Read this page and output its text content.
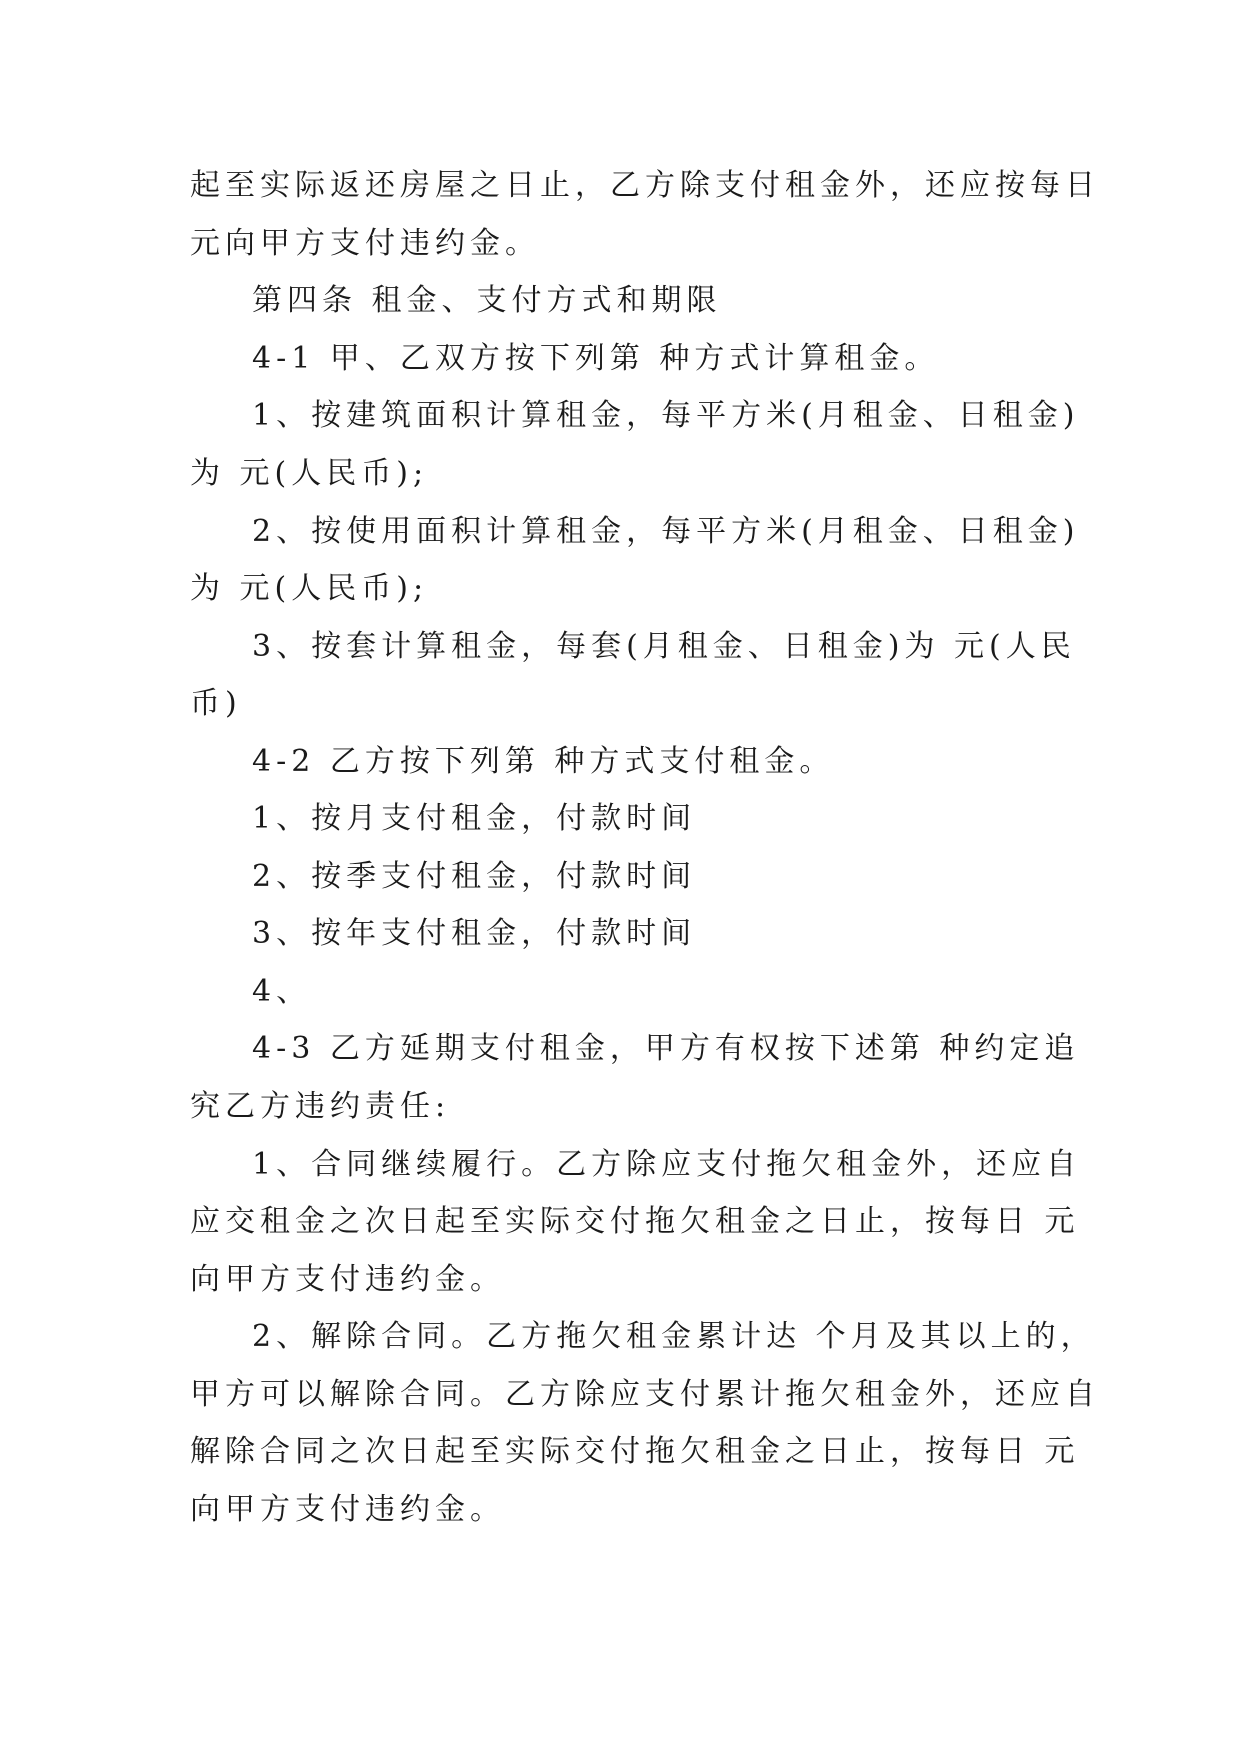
起至实际返还房屋之日止，乙方除支付租金外，还应按每日
元向甲方支付违约金。
第四条 租金、支付方式和期限
4-1 甲、乙双方按下列第 种方式计算租金。
1、按建筑面积计算租金，每平方米(月租金、日租金)
为 元(人民币);
2、按使用面积计算租金，每平方米(月租金、日租金)
为 元(人民币);
3、按套计算租金，每套(月租金、日租金)为 元(人民
币)
4-2 乙方按下列第 种方式支付租金。
1、按月支付租金，付款时间
2、按季支付租金，付款时间
3、按年支付租金，付款时间
4、
4-3 乙方延期支付租金，甲方有权按下述第 种约定追
究乙方违约责任:
1、合同继续履行。乙方除应支付拖欠租金外，还应自
应交租金之次日起至实际交付拖欠租金之日止，按每日 元
向甲方支付违约金。
2、解除合同。乙方拖欠租金累计达 个月及其以上的，
甲方可以解除合同。乙方除应支付累计拖欠租金外，还应自
解除合同之次日起至实际交付拖欠租金之日止，按每日 元
向甲方支付违约金。
